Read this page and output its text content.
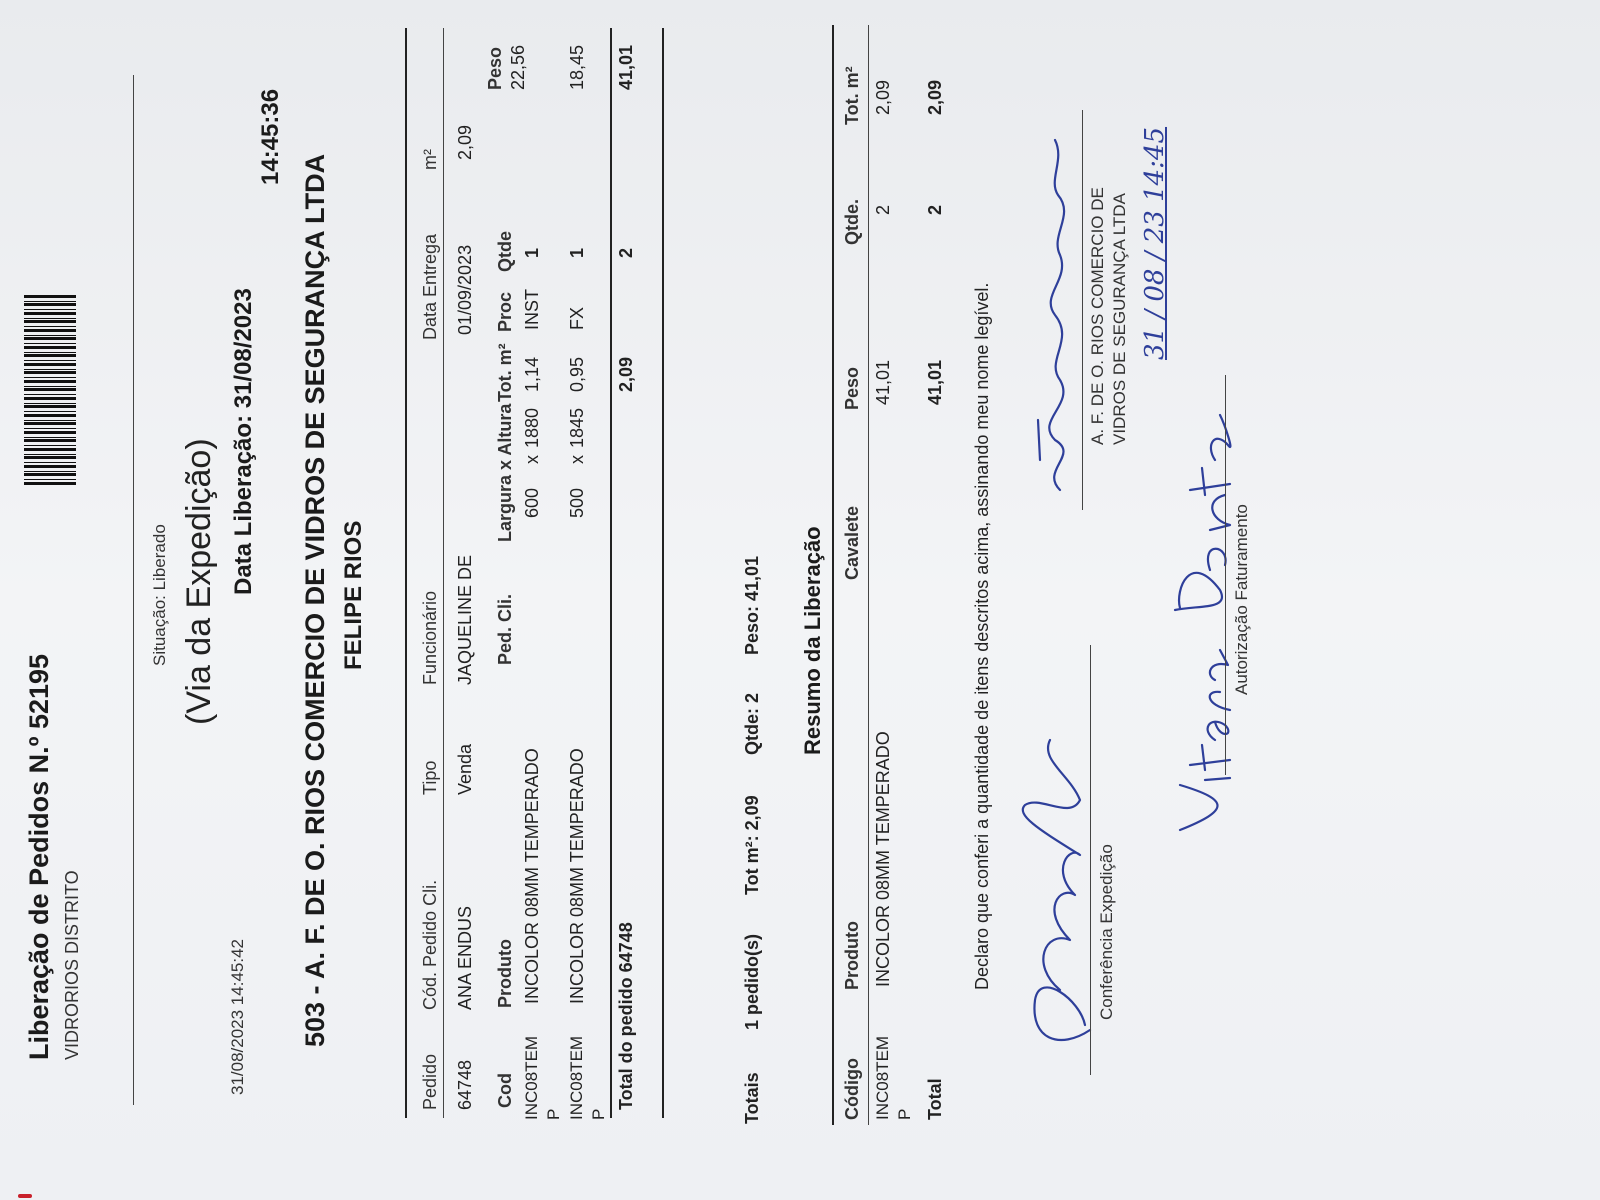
Liberação de Pedidos N.º 52195 VIDRORIOS DISTRITO	31/08/2023 14:45:42
Situação: Liberado (Via da Expedição) Data Liberação: 31/08/2023
14:45:36
503 - A. F. DE O. RIOS COMERCIO DE VIDROS DE SEGURANÇA LTDA FELIPE RIOS
Pedido
Cód. Pedido Cli.
Tipo
Funcionário
Data Entrega
m²
64748
ANA ENDUS
Venda
JAQUELINE DE
01/09/2023
2,09
Peso 22,56
Cod
Produto
Ped. Cli.
Largura x Altura
Tot. m²
Proc
Qtde
INC08TEM P
INCOLOR 08MM TEMPERADO
600
x
1880
1,14
INST
1
INC08TEM P
INCOLOR 08MM TEMPERADO
500
x
1845
0,95
FX
1
18,45
Total do pedido 64748
2,09
2
41,01
Totais
1 pedido(s)
Tot m²: 2,09
Qtde: 2
Peso: 41,01 Resumo da Liberação
Código
Produto
Cavalete
Peso
Qtde.
Tot. m²
INC08TEM P
INCOLOR 08MM TEMPERADO
41,01
2
2,09
Total
41,01
2
2,09
Declaro que conferi a quantidade de itens descritos acima, assinando meu nome legível.	Conferência Expedição
A. F. DE O. RIOS COMERCIO DE VIDROS DE SEGURANÇA LTDA
Autorização Faturamento
31 / 08 / 23 14:45
